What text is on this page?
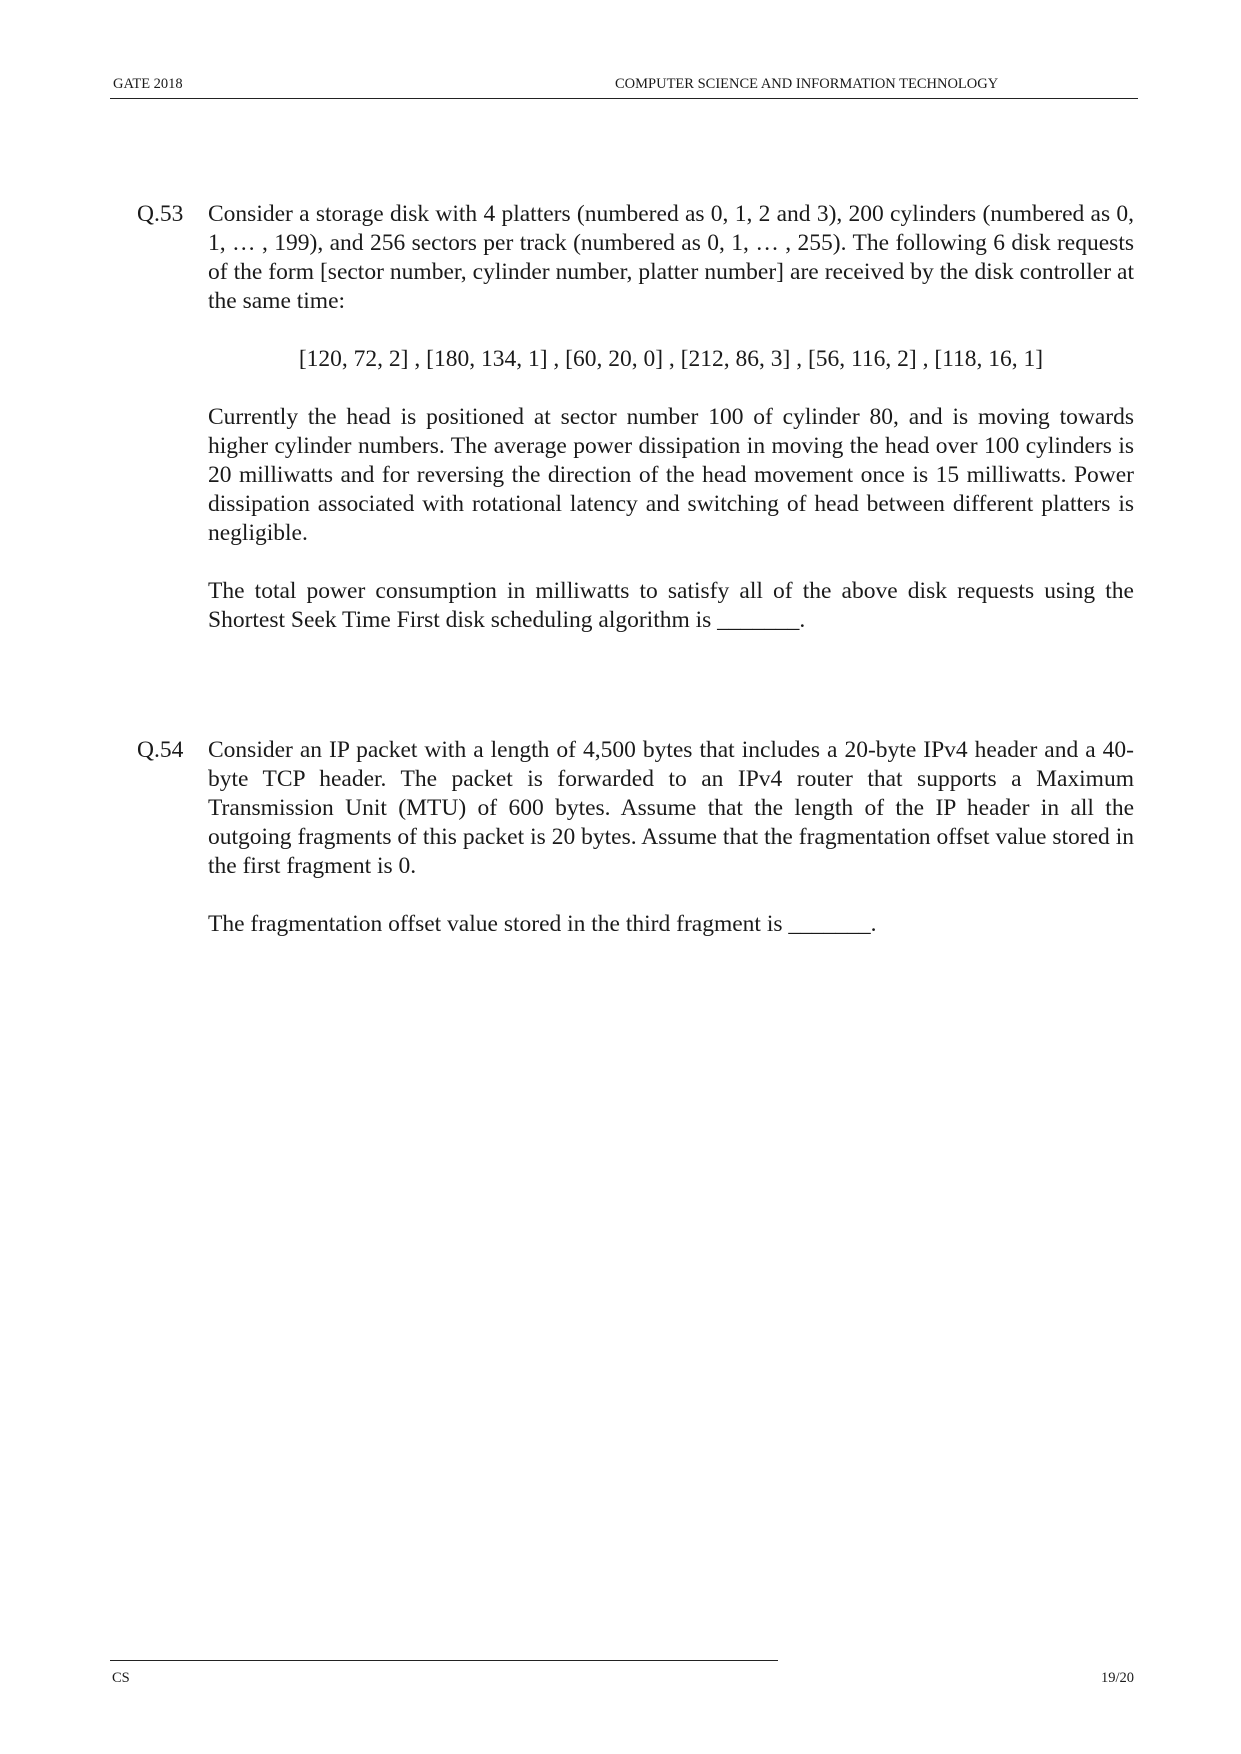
GATE 2018	COMPUTER SCIENCE AND INFORMATION TECHNOLOGY
Q.53 Consider a storage disk with 4 platters (numbered as 0, 1, 2 and 3), 200 cylinders (numbered as 0, 1, … , 199), and 256 sectors per track (numbered as 0, 1, … , 255). The following 6 disk requests of the form [sector number, cylinder number, platter number] are received by the disk controller at the same time:

[120, 72, 2] , [180, 134, 1] , [60, 20, 0] , [212, 86, 3] , [56, 116, 2] , [118, 16, 1]

Currently the head is positioned at sector number 100 of cylinder 80, and is moving towards higher cylinder numbers. The average power dissipation in moving the head over 100 cylinders is 20 milliwatts and for reversing the direction of the head movement once is 15 milliwatts. Power dissipation associated with rotational latency and switching of head between different platters is negligible.

The total power consumption in milliwatts to satisfy all of the above disk requests using the Shortest Seek Time First disk scheduling algorithm is _______.

Q.54 Consider an IP packet with a length of 4,500 bytes that includes a 20-byte IPv4 header and a 40-byte TCP header. The packet is forwarded to an IPv4 router that supports a Maximum Transmission Unit (MTU) of 600 bytes. Assume that the length of the IP header in all the outgoing fragments of this packet is 20 bytes. Assume that the fragmentation offset value stored in the first fragment is 0.

The fragmentation offset value stored in the third fragment is _______.

CS	19/20
